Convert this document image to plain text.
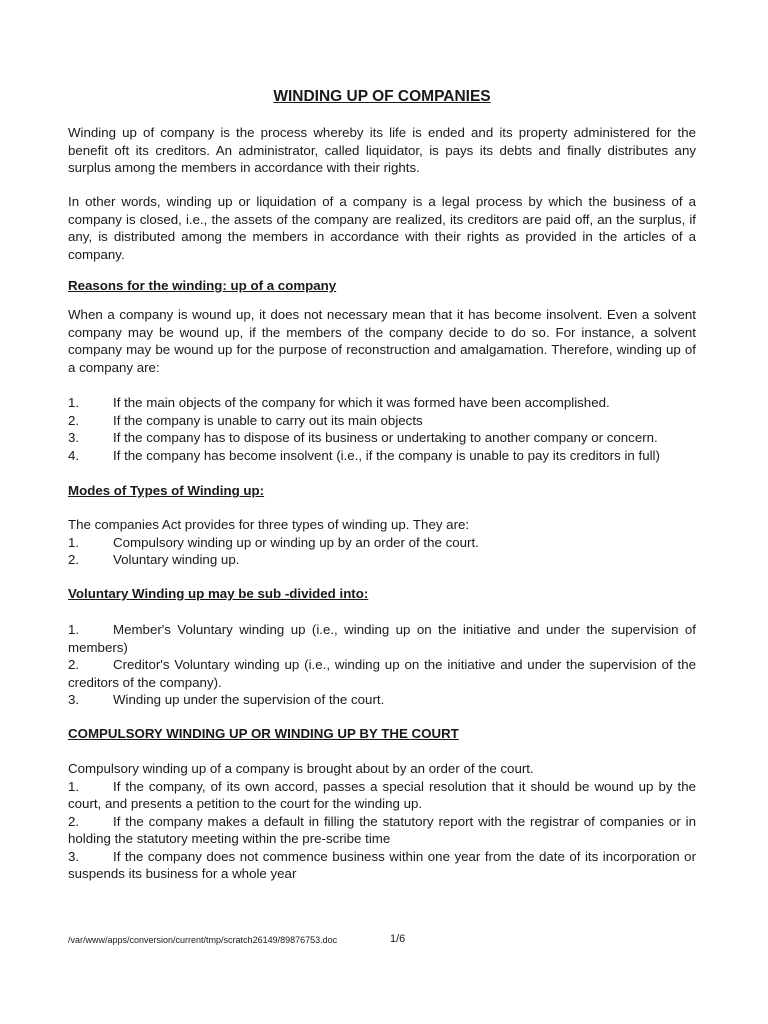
WINDING UP OF COMPANIES

Winding up of company is the process whereby its life is ended and its property administered for the benefit oft its creditors. An administrator, called liquidator, is pays its debts and finally distributes any surplus among the members in accordance with their rights.

In other words, winding up or liquidation of a company is a legal process by which the business of a company is closed, i.e., the assets of the company are realized, its creditors are paid off, an the surplus, if any, is distributed among the members in accordance with their rights as provided in the articles of a company.

Reasons for the winding: up of a company

When a company is wound up, it does not necessary mean that it has become insolvent. Even a solvent company may be wound up, if the members of the company decide to do so. For instance, a solvent company may be wound up for the purpose of reconstruction and amalgamation. Therefore, winding up of a company are:

1.	If the main objects of the company for which it was formed have been accomplished.
2.	If the company is unable to carry out its main objects
3.	If the company has to dispose of its business or undertaking to another company or concern.
4.	If the company has become insolvent (i.e., if the company is unable to pay its creditors in full)
Modes of Types of Winding up:

The companies Act provides for three types of winding up. They are:

1.	Compulsory winding up or winding up by an order of the court.
2.	Voluntary winding up.
Voluntary Winding up may be sub -divided into:
1.	Member's Voluntary winding up (i.e., winding up on the initiative and under the supervision of members)
2.	Creditor's Voluntary winding up (i.e., winding up on the initiative and under the supervision of the creditors of the company).
3.	Winding up under the supervision of the court.
COMPULSORY WINDING UP OR WINDING UP BY THE COURT

Compulsory winding up of a company is brought about by an order of the court.

1.	If the company, of its own accord, passes a special resolution that it should be wound up by the court, and presents a petition to the court for the winding up.
2.	If the company makes a default in filling the statutory report with the registrar of companies or in holding the statutory meeting within the pre-scribe time
3.	If the company does not commence business within one year from the date of its incorporation or suspends its business for a whole year
/var/www/apps/conversion/current/tmp/scratch26149/89876753.doc	1/6
